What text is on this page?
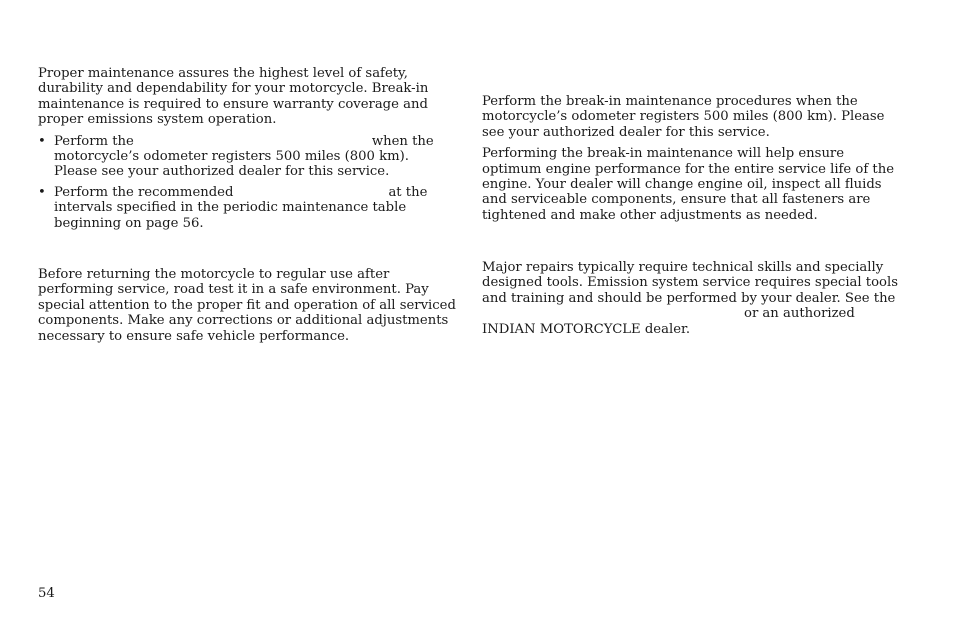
Proper maintenance assures the highest level of safety, durability and dependability for your motorcycle. Break-in maintenance is required to ensure warranty coverage and proper emissions system operation.

• Perform the	when the motorcycle’s odometer registers 500 miles (800 km). Please see your authorized dealer for this service.
• Perform the recommended	at the intervals specified in the periodic maintenance table beginning on page 56.

Before returning the motorcycle to regular use after performing service, road test it in a safe environment. Pay special attention to the proper fit and operation of all serviced components. Make any corrections or additional adjustments necessary to ensure safe vehicle performance.

Perform the break-in maintenance procedures when the motorcycle’s odometer registers 500 miles (800 km). Please see your authorized dealer for this service.

Performing the break-in maintenance will help ensure optimum engine performance for the entire service life of the engine. Your dealer will change engine oil, inspect all fluids and serviceable components, ensure that all fasteners are tightened and make other adjustments as needed.

Major repairs typically require technical skills and specially designed tools. Emission system service requires special tools and training and should be performed by your dealer. See theor an authorized INDIAN MOTORCYCLE dealer.

54
